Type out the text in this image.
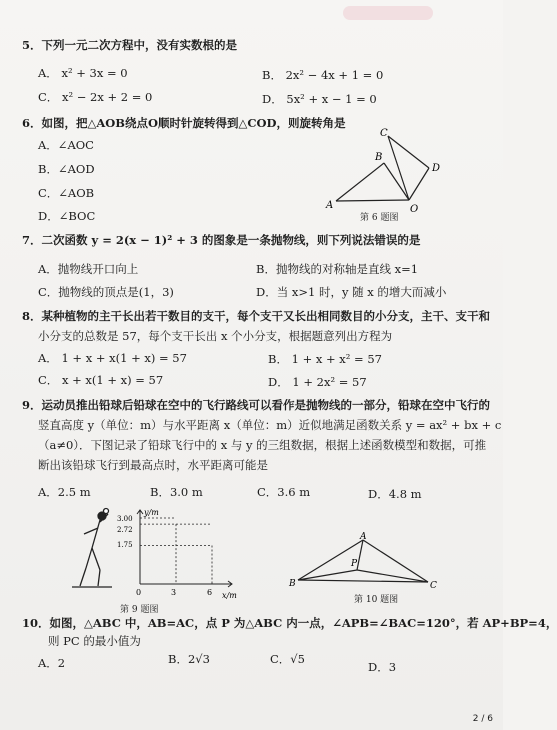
5．下列一元二次方程中，没有实数根的是
A． x² + 3x = 0	B． 2x² − 4x + 1 = 0
C． x² − 2x + 2 = 0	D． 5x² + x − 1 = 0
6．如图，把△AOB绕点O顺时针旋转得到△COD，则旋转角是
A．∠AOC
B．∠AOD
C．∠AOB
D．∠BOC
A
B
C
D
O
第 6 题图
7．二次函数 y = 2(x − 1)² + 3 的图象是一条抛物线，则下列说法错误的是
A．抛物线开口向上	B．抛物线的对称轴是直线 x=1
C．抛物线的顶点是(1，3)	D．当 x>1 时，y 随 x 的增大而减小
8．某种植物的主干长出若干数目的支干，每个支干又长出相同数目的小分支，主干、支干和
小分支的总数是 57，每个支干长出 x 个小分支，根据题意列出方程为
A． 1 + x + x(1 + x) = 57	B． 1 + x + x² = 57
C． x + x(1 + x) = 57	D． 1 + 2x² = 57
9．运动员推出铅球后铅球在空中的飞行路线可以看作是抛物线的一部分，铅球在空中飞行的
竖直高度 y（单位：m）与水平距离 x（单位：m）近似地满足函数关系 y = ax² + bx + c
（a≠0）．下图记录了铅球飞行中的 x 与 y 的三组数据，根据上述函数模型和数据，可推
断出该铅球飞行到最高点时，水平距离可能是
A．2.5 m	B．3.0 m	C．3.6 m	D．4.8 m
y/m
x/m
3.00
2.72
1.75
0	3	6
第 9 题图
A
B	C
P
第 10 题图
10．如图，△ABC 中，AB=AC，点 P 为△ABC 内一点，∠APB=∠BAC=120°，若 AP+BP=4，
则 PC 的最小值为
A．2	B．2√3	C．√5
D．3
2 / 6
